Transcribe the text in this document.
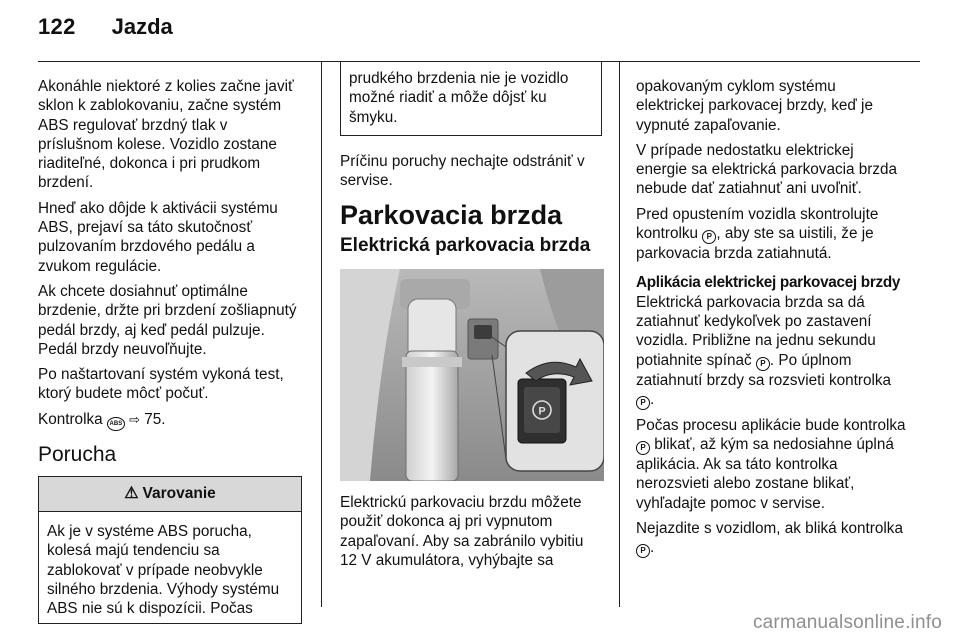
122 Jazda

Akonáhle niektoré z kolies začne javiť sklon k zablokovaniu, začne systém ABS regulovať brzdný tlak v príslušnom kolese. Vozidlo zostane riaditeľné, dokonca i pri prudkom brzdení.

Hneď ako dôjde k aktivácii systému ABS, prejaví sa táto skutočnosť pulzovaním brzdového pedálu a zvukom regulácie.

Ak chcete dosiahnuť optimálne brzdenie, držte pri brzdení zošliapnutý pedál brzdy, aj keď pedál pulzuje. Pedál brzdy neuvoľňujte.

Po naštartovaní systém vykoná test, ktorý budete môcť počuť.

Kontrolka ABS ⇨ 75.

Porucha
⚠ Varovanie
Ak je v systéme ABS porucha, kolesá majú tendenciu sa zablokovať v prípade neobvykle silného brzdenia. Výhody systému ABS nie sú k dispozícii. Počas
prudkého brzdenia nie je vozidlo možné riadiť a môže dôjsť ku šmyku.

Príčinu poruchy nechajte odstrániť v servise.

Parkovacia brzda
Elektrická parkovacia brzda
P

Elektrickú parkovaciu brzdu môžete použiť dokonca aj pri vypnutom zapaľovaní. Aby sa zabránilo vybitiu 12 V akumulátora, vyhýbajte sa

opakovaným cyklom systému elektrickej parkovacej brzdy, keď je vypnuté zapaľovanie.

V prípade nedostatku elektrickej energie sa elektrická parkovacia brzda nebude dať zatiahnuť ani uvoľniť.

Pred opustením vozidla skontrolujte kontrolku P , aby ste sa uistili, že je parkovacia brzda zatiahnutá.

Aplikácia elektrickej parkovacej brzdy
Elektrická parkovacia brzda sa dá zatiahnuť kedykoľvek po zastavení vozidla. Približne na jednu sekundu potiahnite spínač P . Po úplnom zatiahnutí brzdy sa rozsvieti kontrolka P .

Počas procesu aplikácie bude kontrolka P blikať, až kým sa nedosiahne úplná aplikácia. Ak sa táto kontrolka nerozsvieti alebo zostane blikať, vyhľadajte pomoc v servise.

Nejazdite s vozidlom, ak bliká kontrolka P .

carmanualsonline.info
